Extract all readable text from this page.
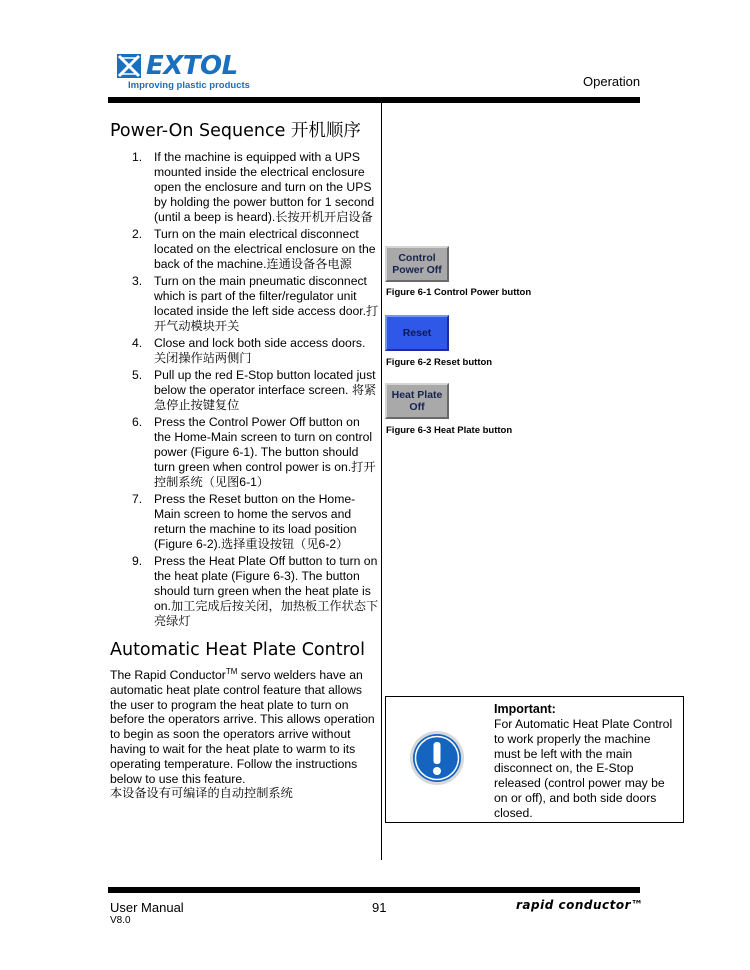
EXTOL
Improving plastic products	Operation
Power-On Sequence 开机顺序
1. If the machine is equipped with a UPS mounted inside the electrical enclosure open the enclosure and turn on the UPS by holding the power button for 1 second (until a beep is heard).长按开机开启设备
2. Turn on the main electrical disconnect located on the electrical enclosure on the back of the machine.连通设备各电源
3. Turn on the main pneumatic disconnect which is part of the filter/regulator unit located inside the left side access door.打开气动模块开关
4. Close and lock both side access doors. 关闭操作站两侧门
5. Pull up the red E-Stop button located just below the operator interface screen. 将紧急停止按键复位
6. Press the Control Power Off button on the Home-Main screen to turn on control power (Figure 6-1). The button should turn green when control power is on.打开控制系统（见图6-1）
7. Press the Reset button on the Home-Main screen to home the servos and return the machine to its load position (Figure 6-2).选择重设按钮（见6-2）
9. Press the Heat Plate Off button to turn on the heat plate (Figure 6-3). The button should turn green when the heat plate is on.加工完成后按关闭，加热板工作状态下亮绿灯
Automatic Heat Plate Control
The Rapid Conductor™ servo welders have an automatic heat plate control feature that allows the user to program the heat plate to turn on before the operators arrive. This allows operation to begin as soon the operators arrive without having to wait for the heat plate to warm to its operating temperature. Follow the instructions below to use this feature.
本设备设有可编译的自动控制系统
Control
Power Off
Figure 6-1 Control Power button
Reset
Figure 6-2 Reset button
Heat Plate
Off
Figure 6-3 Heat Plate button
Important:
For Automatic Heat Plate Control to work properly the machine must be left with the main disconnect on, the E-Stop released (control power may be on or off), and both side doors closed.
User Manual
V8.0
91	rapid conductor™
